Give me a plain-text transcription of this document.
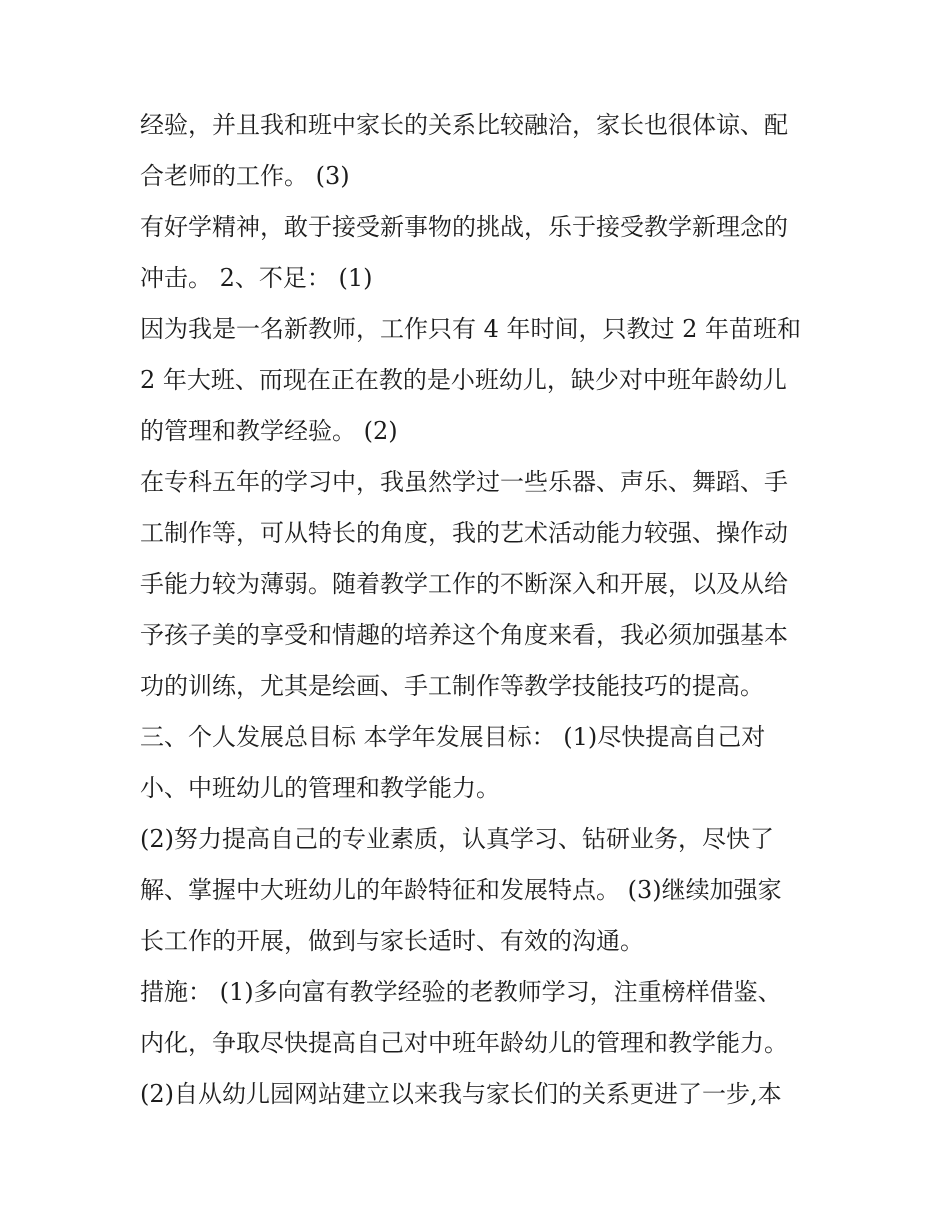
经验，并且我和班中家长的关系比较融洽，家长也很体谅、配
合老师的工作。 (3)
有好学精神，敢于接受新事物的挑战，乐于接受教学新理念的
冲击。 2、不足： (1)
因为我是一名新教师，工作只有 4 年时间，只教过 2 年苗班和
2 年大班、而现在正在教的是小班幼儿，缺少对中班年龄幼儿
的管理和教学经验。 (2)
在专科五年的学习中，我虽然学过一些乐器、声乐、舞蹈、手
工制作等，可从特长的角度，我的艺术活动能力较强、操作动
手能力较为薄弱。随着教学工作的不断深入和开展，以及从给
予孩子美的享受和情趣的培养这个角度来看，我必须加强基本
功的训练，尤其是绘画、手工制作等教学技能技巧的提高。
三、个人发展总目标 本学年发展目标： (1)尽快提高自己对
小、中班幼儿的管理和教学能力。
(2)努力提高自己的专业素质，认真学习、钻研业务，尽快了
解、掌握中大班幼儿的年龄特征和发展特点。 (3)继续加强家
长工作的开展，做到与家长适时、有效的沟通。
措施： (1)多向富有教学经验的老教师学习，注重榜样借鉴、
内化，争取尽快提高自己对中班年龄幼儿的管理和教学能力。
(2)自从幼儿园网站建立以来我与家长们的关系更进了一步,本
